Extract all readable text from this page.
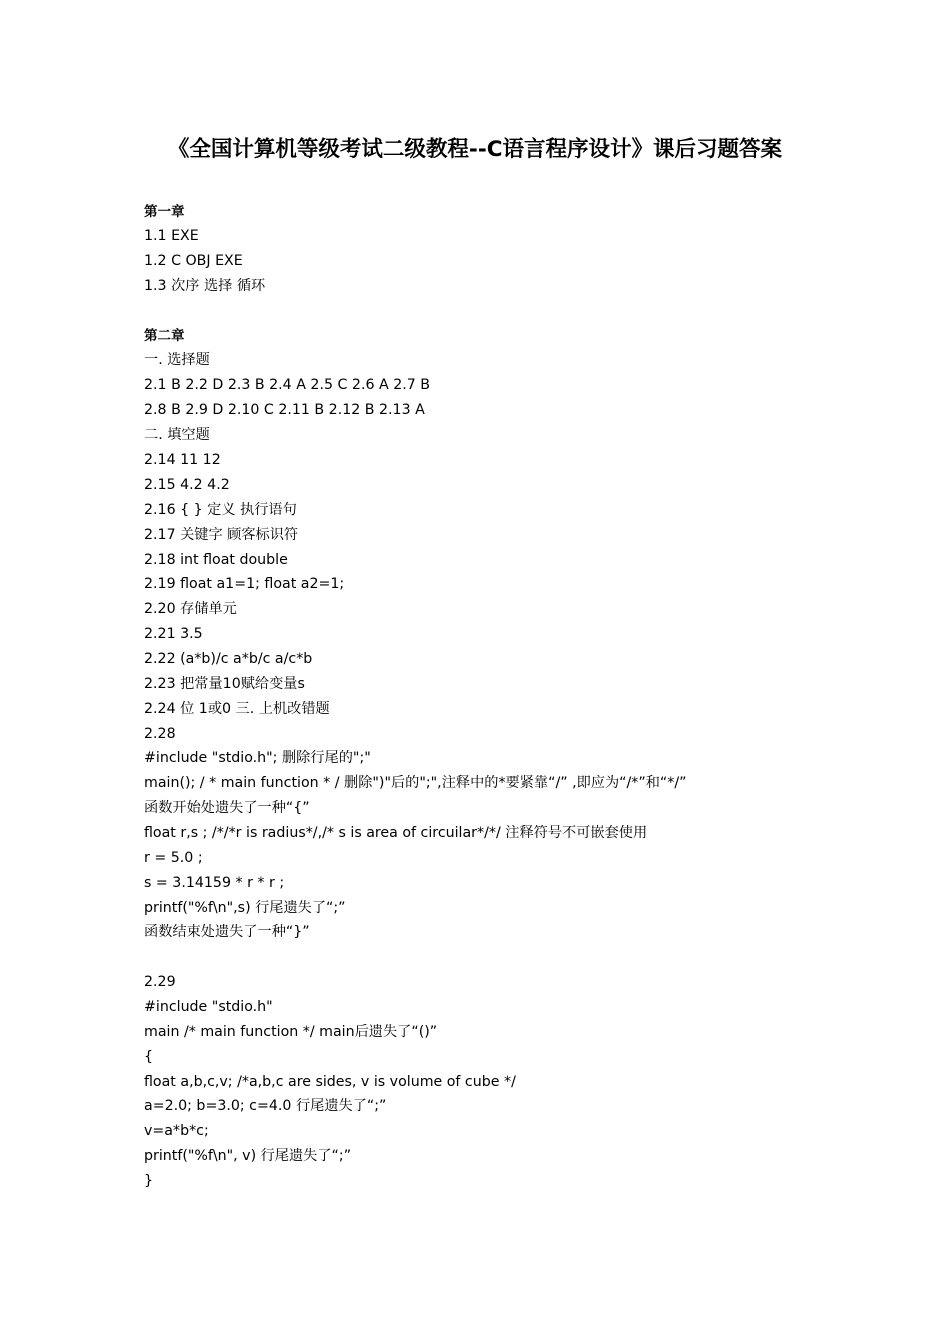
《全国计算机等级考试二级教程--C语言程序设计》课后习题答案
第一章
1.1 EXE
1.2 C OBJ EXE
1.3 次序 选择 循环
第二章
一. 选择题
2.1 B 2.2 D 2.3 B 2.4 A 2.5 C 2.6 A 2.7 B
2.8 B 2.9 D 2.10 C 2.11 B 2.12 B 2.13 A
二. 填空题
2.14 11 12
2.15 4.2 4.2
2.16 { } 定义 执行语句
2.17 关键字 顾客标识符
2.18 int float double
2.19 float a1=1; float a2=1;
2.20 存储单元
2.21 3.5
2.22 (a*b)/c a*b/c a/c*b
2.23 把常量10赋给变量s
2.24 位 1或0 三. 上机改错题
2.28
#include "stdio.h"; 删除行尾的";"
main(); / * main function * / 删除")"后的";",注释中的*要紧靠“/” ,即应为“/*”和“*/”
函数开始处遗失了一种“{”
float r,s ; /*/*r is radius*/,/* s is area of circuilar*/*/ 注释符号不可嵌套使用
r = 5.0 ;
s = 3.14159 * r * r ;
printf("%f\n",s) 行尾遗失了“;”
函数结束处遗失了一种“}”
2.29
#include "stdio.h"
main /* main function */ main后遗失了“()”
{
float a,b,c,v; /*a,b,c are sides, v is volume of cube */
a=2.0; b=3.0; c=4.0 行尾遗失了“;”
v=a*b*c;
printf("%f\n", v) 行尾遗失了“;”
}
